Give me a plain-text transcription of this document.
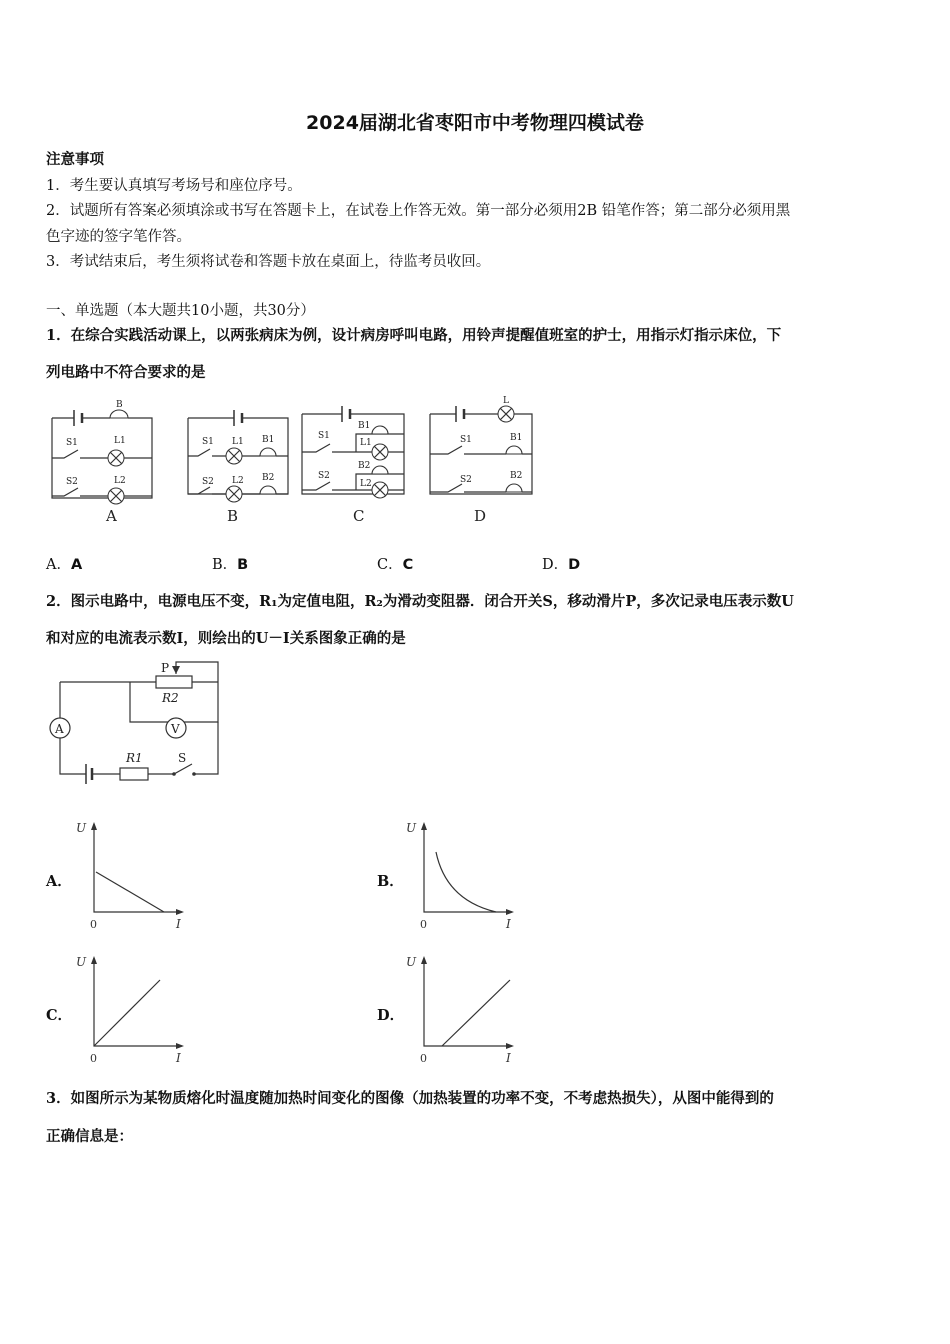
2024届湖北省枣阳市中考物理四模试卷
注意事项
1．考生要认真填写考场号和座位序号。
2．试题所有答案必须填涂或书写在答题卡上，在试卷上作答无效。第一部分必须用2B 铅笔作答；第二部分必须用黑
色字迹的签字笔作答。
3．考试结束后，考生须将试卷和答题卡放在桌面上，待监考员收回。
一、单选题（本大题共10小题，共30分）
1．在综合实践活动课上，以两张病床为例，设计病房呼叫电路，用铃声提醒值班室的护士，用指示灯指示床位，下
列电路中不符合要求的是
B
S1	L1
S2	L2
A
S1 L1 B1
S2 L2 B2
B
S1
B1
L1
S2
B2
L2
C
L
S1	B1
S2	B2
D
A．A	B．B	C．C	D．D
2．图示电路中，电源电压不变，R₁为定值电阻，R₂为滑动变阻器．闭合开关S，移动滑片P，多次记录电压表示数U
和对应的电流表示数I，则绘出的U－I关系图象正确的是
P
R2
V
A
R1	S
A．	B．
C．	D．
U
0	I
U
0	I
U
0	I
U
0	I
3．如图所示为某物质熔化时温度随加热时间变化的图像（加热装置的功率不变，不考虑热损失），从图中能得到的
正确信息是：
